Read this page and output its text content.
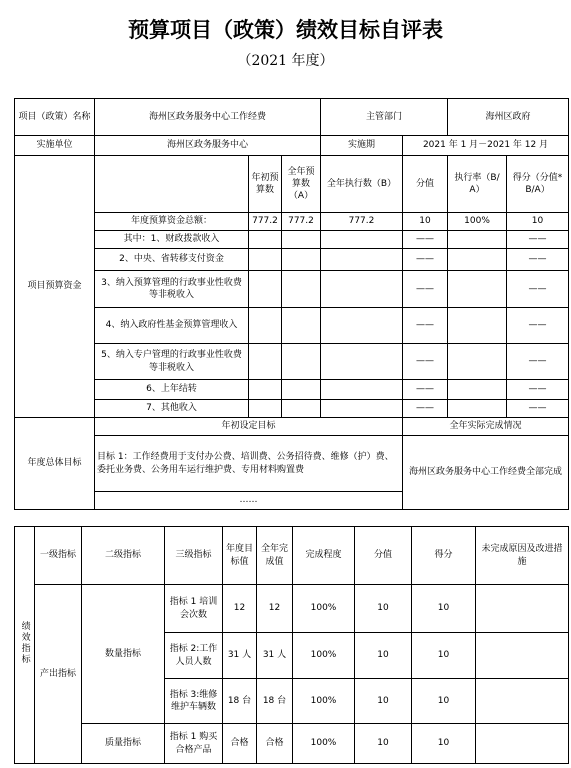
预算项目（政策）绩效目标自评表
（2021 年度）
项目（政策）名称	海州区政务服务中心工作经费			主管部门		海州区政府	
实施单位	海州区政务服务中心			实施期	2021 年 1 月－2021 年 12 月		
项目预算资金		年初预算数	全年预算数（A）	全年执行数（B）	分值	执行率（B/A）	得分（分值*B/A）
	年度预算资金总额：	777.2	777.2	777.2	10	100%	10
	其中：1、财政拨款收入				——		——
	2、中央、省转移支付资金				——		——
	3、纳入预算管理的行政事业性收费等非税收入				——		——
	4、纳入政府性基金预算管理收入				——		——
	5、纳入专户管理的行政事业性收费等非税收入				——		——
	6、上年结转				——		——
	7、其他收入				——		——
年度总体目标	年初设定目标				全年实际完成情况		
	目标 1：工作经费用于支付办公费、培训费、公务招待费、维修（护）费、委托业务费、公务用车运行维护费、专用材料购置费				海州区政务服务中心工作经费全部完成		
	……						
绩效指标	一级指标	二级指标	三级指标	年度目标值	全年完成值	完成程度	分值	得分	未完成原因及改进措施
	产出指标	数量指标	指标 1 培训会次数	12	12	100%	10	10	
			指标 2:工作人员人数	31 人	31 人	100%	10	10	
			指标 3:维修维护车辆数	18 台	18 台	100%	10	10	
		质量指标	指标 1 购买合格产品	合格	合格	100%	10	10	
